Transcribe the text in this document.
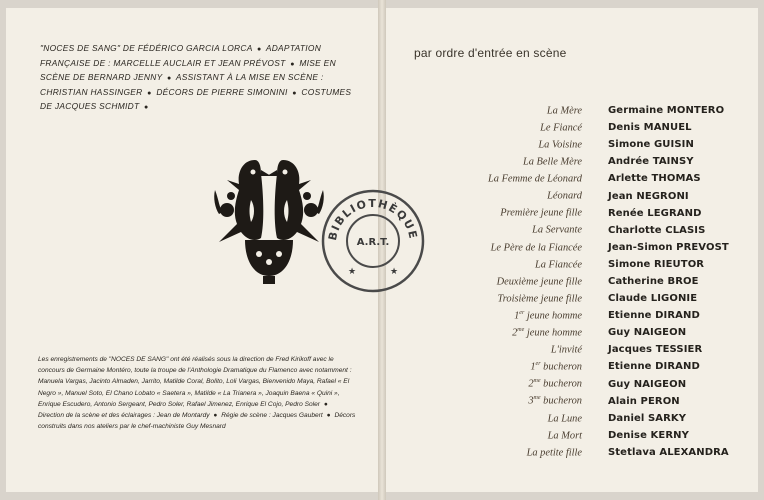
"NOCES DE SANG" DE FÉDÉRICO GARCIA LORCA ● ADAPTATION FRANÇAISE DE : MARCELLE AUCLAIR ET JEAN PRÉVOST ● MISE EN SCÈNE DE BERNARD JENNY ● ASSISTANT À LA MISE EN SCÈNE : CHRISTIAN HASSINGER ● DÉCORS DE PIERRE SIMONINI ● COSTUMES DE JACQUES SCHMIDT ●
BIBLIOTHÈQUE
A.R.T.
★	★
Les enregistrements de "NOCES DE SANG" ont été réalisés sous la direction de Fred Kirikoff avec le concours de Germaine Montéro, toute la troupe de l'Anthologie Dramatique du Flamenco avec notamment : Manuela Vargas, Jacinto Almaden, Jarrito, Matilde Coral, Bolito, Loli Vargas, Bienvenido Maya, Rafael « El Negro », Manuel Soto, El Chano Lobato « Saetera », Matilde « La Trianera », Joaquin Baena « Quini », Enrique Escudero, Antonio Sergeant, Pedro Soler, Rafael Jimenez, Enrique El Cojo, Pedro Soler ● Direction de la scène et des éclairages : Jean de Montardy ● Régie de scène : Jacques Gaubert ● Décors construits dans nos ateliers par le chef-machiniste Guy Mesnard
par ordre d'entrée en scène
La Mère	Germaine MONTERO
Le Fiancé	Denis MANUEL
La Voisine	Simone GUISIN
La Belle Mère	Andrée TAINSY
La Femme de Léonard	Arlette THOMAS
Léonard	Jean NEGRONI
Première jeune fille	Renée LEGRAND
La Servante	Charlotte CLASIS
Le Père de la Fiancée	Jean-Simon PREVOST
La Fiancée	Simone RIEUTOR
Deuxième jeune fille	Catherine BROE
Troisième jeune fille	Claude LIGONIE
1er jeune homme	Etienne DIRAND
$2^{me}$ jeune homme	Guy NAIGEON
L'invité	Jacques TESSIER
1er bucheron	Etienne DIRAND
$2^{me}$ bucheron	Guy NAIGEON
$3^{me}$ bucheron	Alain PERON
La Lune	Daniel SARKY
La Mort	Denise KERNY
La petite fille	Stetlava ALEXANDRA
